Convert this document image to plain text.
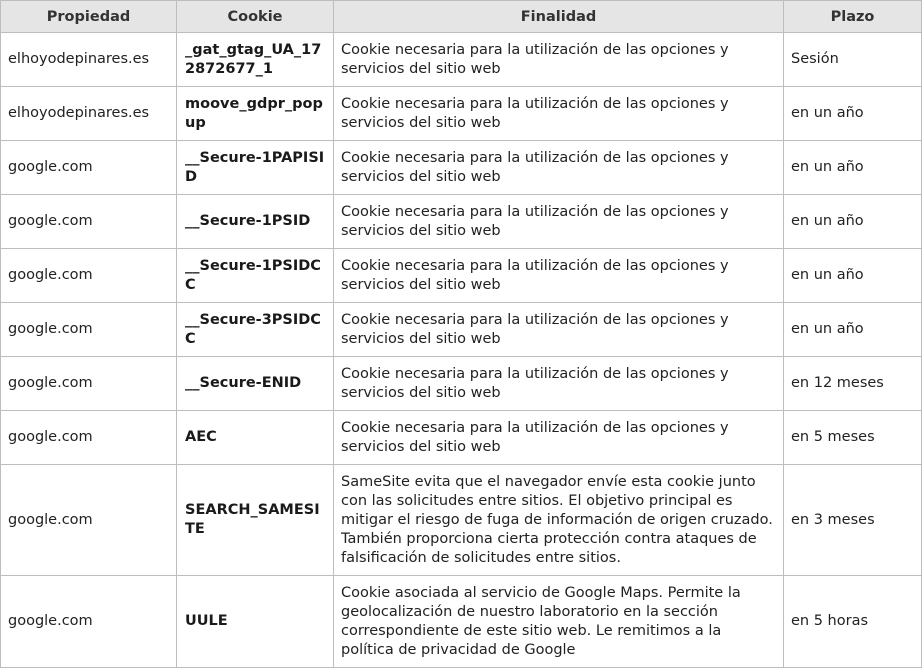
Propiedad	Cookie	Finalidad	Plazo
elhoyodepinares.es	_gat_gtag_UA_172872677_1	Cookie necesaria para la utilización de las opciones y servicios del sitio web	Sesión
elhoyodepinares.es	moove_gdpr_popup	Cookie necesaria para la utilización de las opciones y servicios del sitio web	en un año
google.com	__Secure-1PAPISID	Cookie necesaria para la utilización de las opciones y servicios del sitio web	en un año
google.com	__Secure-1PSID	Cookie necesaria para la utilización de las opciones y servicios del sitio web	en un año
google.com	__Secure-1PSIDCC	Cookie necesaria para la utilización de las opciones y servicios del sitio web	en un año
google.com	__Secure-3PSIDCC	Cookie necesaria para la utilización de las opciones y servicios del sitio web	en un año
google.com	__Secure-ENID	Cookie necesaria para la utilización de las opciones y servicios del sitio web	en 12 meses
google.com	AEC	Cookie necesaria para la utilización de las opciones y servicios del sitio web	en 5 meses
google.com	SEARCH_SAMESITE	SameSite evita que el navegador envíe esta cookie junto con las solicitudes entre sitios. El objetivo principal es mitigar el riesgo de fuga de información de origen cruzado. También proporciona cierta protección contra ataques de falsificación de solicitudes entre sitios.	en 3 meses
google.com	UULE	Cookie asociada al servicio de Google Maps. Permite la geolocalización de nuestro laboratorio en la sección correspondiente de este sitio web. Le remitimos a la política de privacidad de Google	en 5 horas
